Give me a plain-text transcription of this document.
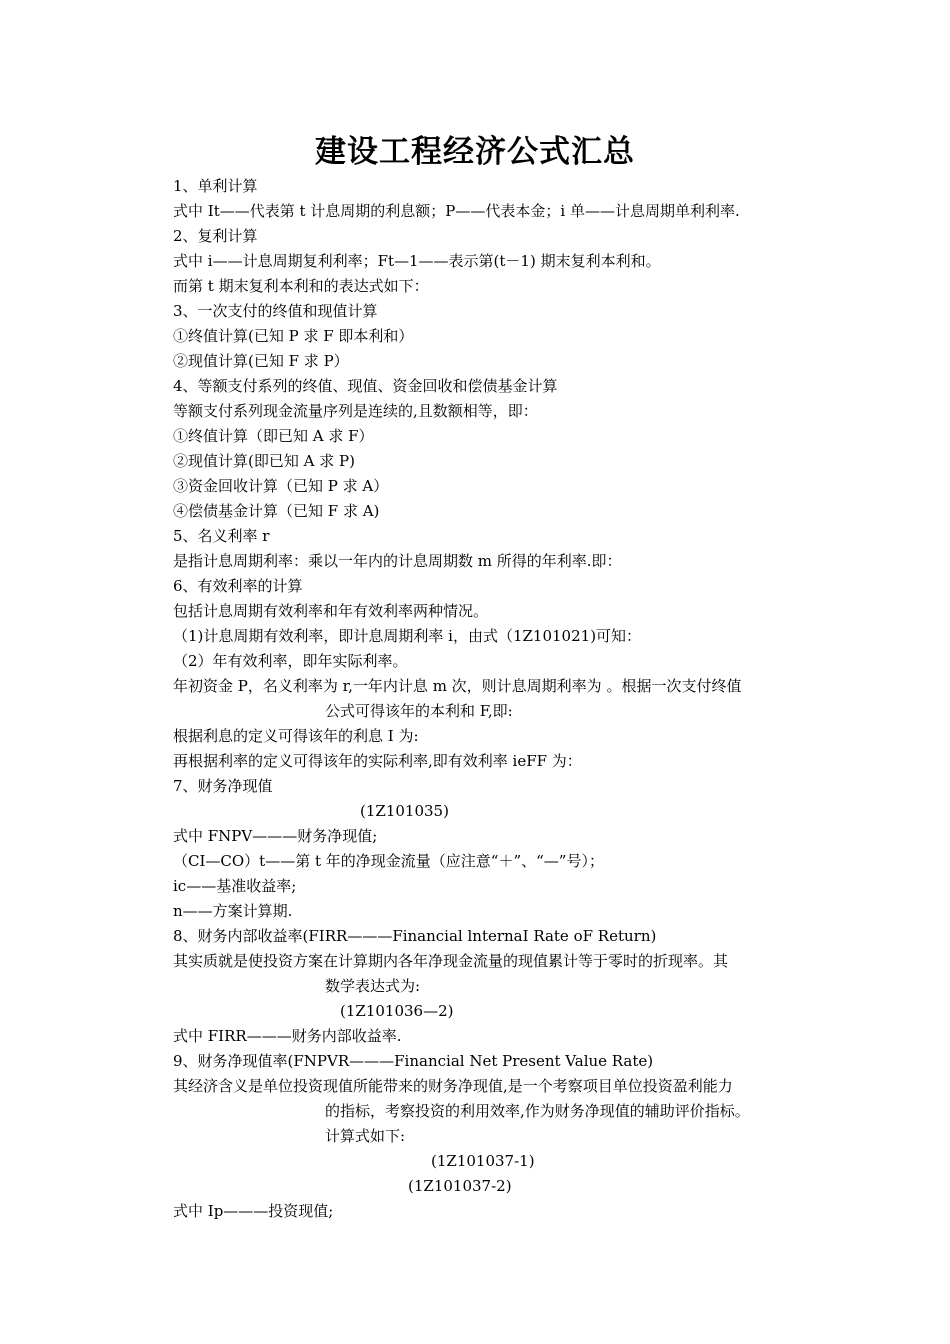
建设工程经济公式汇总
1、单利计算
式中 It——代表第 t 计息周期的利息额；P——代表本金；i 单——计息周期单利利率.
2、复利计算
式中 i——计息周期复利利率；Ft—1——表示第(t－1) 期末复利本利和。
而第 t 期末复利本利和的表达式如下：
3、一次支付的终值和现值计算
①终值计算(已知 P 求 F 即本利和）
②现值计算(已知 F 求 P）
4、等额支付系列的终值、现值、资金回收和偿债基金计算
等额支付系列现金流量序列是连续的,且数额相等，即：
①终值计算（即已知 A 求 F）
②现值计算(即已知 A 求 P)
③资金回收计算（已知 P 求 A）
④偿债基金计算（已知 F 求 A)
5、名义利率 r
是指计息周期利率：乘以一年内的计息周期数 m 所得的年利率.即：
6、有效利率的计算
包括计息周期有效利率和年有效利率两种情况。
（1)计息周期有效利率，即计息周期利率 i，由式（1Z101021)可知：
（2）年有效利率，即年实际利率。
年初资金 P，名义利率为 r,一年内计息 m 次，则计息周期利率为 。根据一次支付终值
公式可得该年的本利和 F,即:
根据利息的定义可得该年的利息 I 为:
再根据利率的定义可得该年的实际利率,即有效利率 ieFF 为：
7、财务净现值
(1Z101035)
式中 FNPV———财务净现值;
（CI—CO）t——第 t 年的净现金流量（应注意“＋”、“—”号）；
ic——基准收益率;
n——方案计算期.
8、财务内部收益率(FIRR———Financial lnternaI Rate oF Return)
其实质就是使投资方案在计算期内各年净现金流量的现值累计等于零时的折现率。其
数学表达式为:
(1Z101036—2)
式中 FIRR———财务内部收益率.
9、财务净现值率(FNPVR———Financial Net Present Value Rate)
其经济含义是单位投资现值所能带来的财务净现值,是一个考察项目单位投资盈利能力
的指标，考察投资的利用效率,作为财务净现值的辅助评价指标。
计算式如下:
(1Z101037-1)
(1Z101037-2)
式中 Ip———投资现值;
